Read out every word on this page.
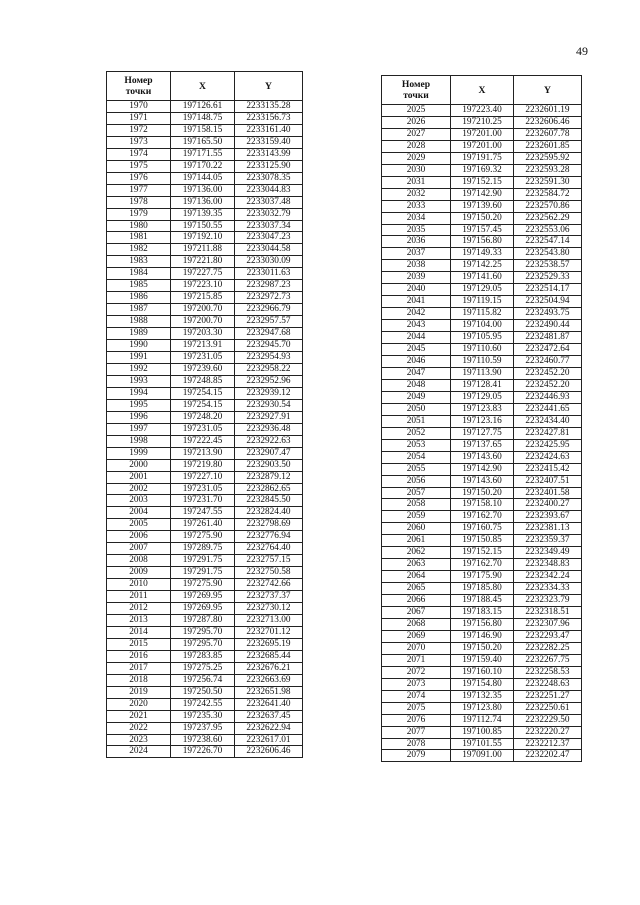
49
Номер
точки	X	Y
1970	197126.61	2233135.28
1971	197148.75	2233156.73
1972	197158.15	2233161.40
1973	197165.50	2233159.40
1974	197171.55	2233143.99
1975	197170.22	2233125.90
1976	197144.05	2233078.35
1977	197136.00	2233044.83
1978	197136.00	2233037.48
1979	197139.35	2233032.79
1980	197150.55	2233037.34
1981	197192.10	2233047.23
1982	197211.88	2233044.58
1983	197221.80	2233030.09
1984	197227.75	2233011.63
1985	197223.10	2232987.23
1986	197215.85	2232972.73
1987	197200.70	2232966.79
1988	197200.70	2232957.57
1989	197203.30	2232947.68
1990	197213.91	2232945.70
1991	197231.05	2232954.93
1992	197239.60	2232958.22
1993	197248.85	2232952.96
1994	197254.15	2232939.12
1995	197254.15	2232930.54
1996	197248.20	2232927.91
1997	197231.05	2232936.48
1998	197222.45	2232922.63
1999	197213.90	2232907.47
2000	197219.80	2232903.50
2001	197227.10	2232879.12
2002	197231.05	2232862.65
2003	197231.70	2232845.50
2004	197247.55	2232824.40
2005	197261.40	2232798.69
2006	197275.90	2232776.94
2007	197289.75	2232764.40
2008	197291.75	2232757.15
2009	197291.75	2232750.58
2010	197275.90	2232742.66
2011	197269.95	2232737.37
2012	197269.95	2232730.12
2013	197287.80	2232713.00
2014	197295.70	2232701.12
2015	197295.70	2232695.19
2016	197283.85	2232685.44
2017	197275.25	2232676.21
2018	197256.74	2232663.69
2019	197250.50	2232651.98
2020	197242.55	2232641.40
2021	197235.30	2232637.45
2022	197237.95	2232622.94
2023	197238.60	2232617.01
2024	197226.70	2232606.46
Номер
точки	X	Y
2025	197223.40	2232601.19
2026	197210.25	2232606.46
2027	197201.00	2232607.78
2028	197201.00	2232601.85
2029	197191.75	2232595.92
2030	197169.32	2232593.28
2031	197152.15	2232591.30
2032	197142.90	2232584.72
2033	197139.60	2232570.86
2034	197150.20	2232562.29
2035	197157.45	2232553.06
2036	197156.80	2232547.14
2037	197149.33	2232543.80
2038	197142.25	2232538.57
2039	197141.60	2232529.33
2040	197129.05	2232514.17
2041	197119.15	2232504.94
2042	197115.82	2232493.75
2043	197104.00	2232490.44
2044	197105.95	2232481.87
2045	197110.60	2232472.64
2046	197110.59	2232460.77
2047	197113.90	2232452.20
2048	197128.41	2232452.20
2049	197129.05	2232446.93
2050	197123.83	2232441.65
2051	197123.16	2232434.40
2052	197127.75	2232427.81
2053	197137.65	2232425.95
2054	197143.60	2232424.63
2055	197142.90	2232415.42
2056	197143.60	2232407.51
2057	197150.20	2232401.58
2058	197158.10	2232400.27
2059	197162.70	2232393.67
2060	197160.75	2232381.13
2061	197150.85	2232359.37
2062	197152.15	2232349.49
2063	197162.70	2232348.83
2064	197175.90	2232342.24
2065	197185.80	2232334.33
2066	197188.45	2232323.79
2067	197183.15	2232318.51
2068	197156.80	2232307.96
2069	197146.90	2232293.47
2070	197150.20	2232282.25
2071	197159.40	2232267.75
2072	197160.10	2232258.53
2073	197154.80	2232248.63
2074	197132.35	2232251.27
2075	197123.80	2232250.61
2076	197112.74	2232229.50
2077	197100.85	2232220.27
2078	197101.55	2232212.37
2079	197091.00	2232202.47
